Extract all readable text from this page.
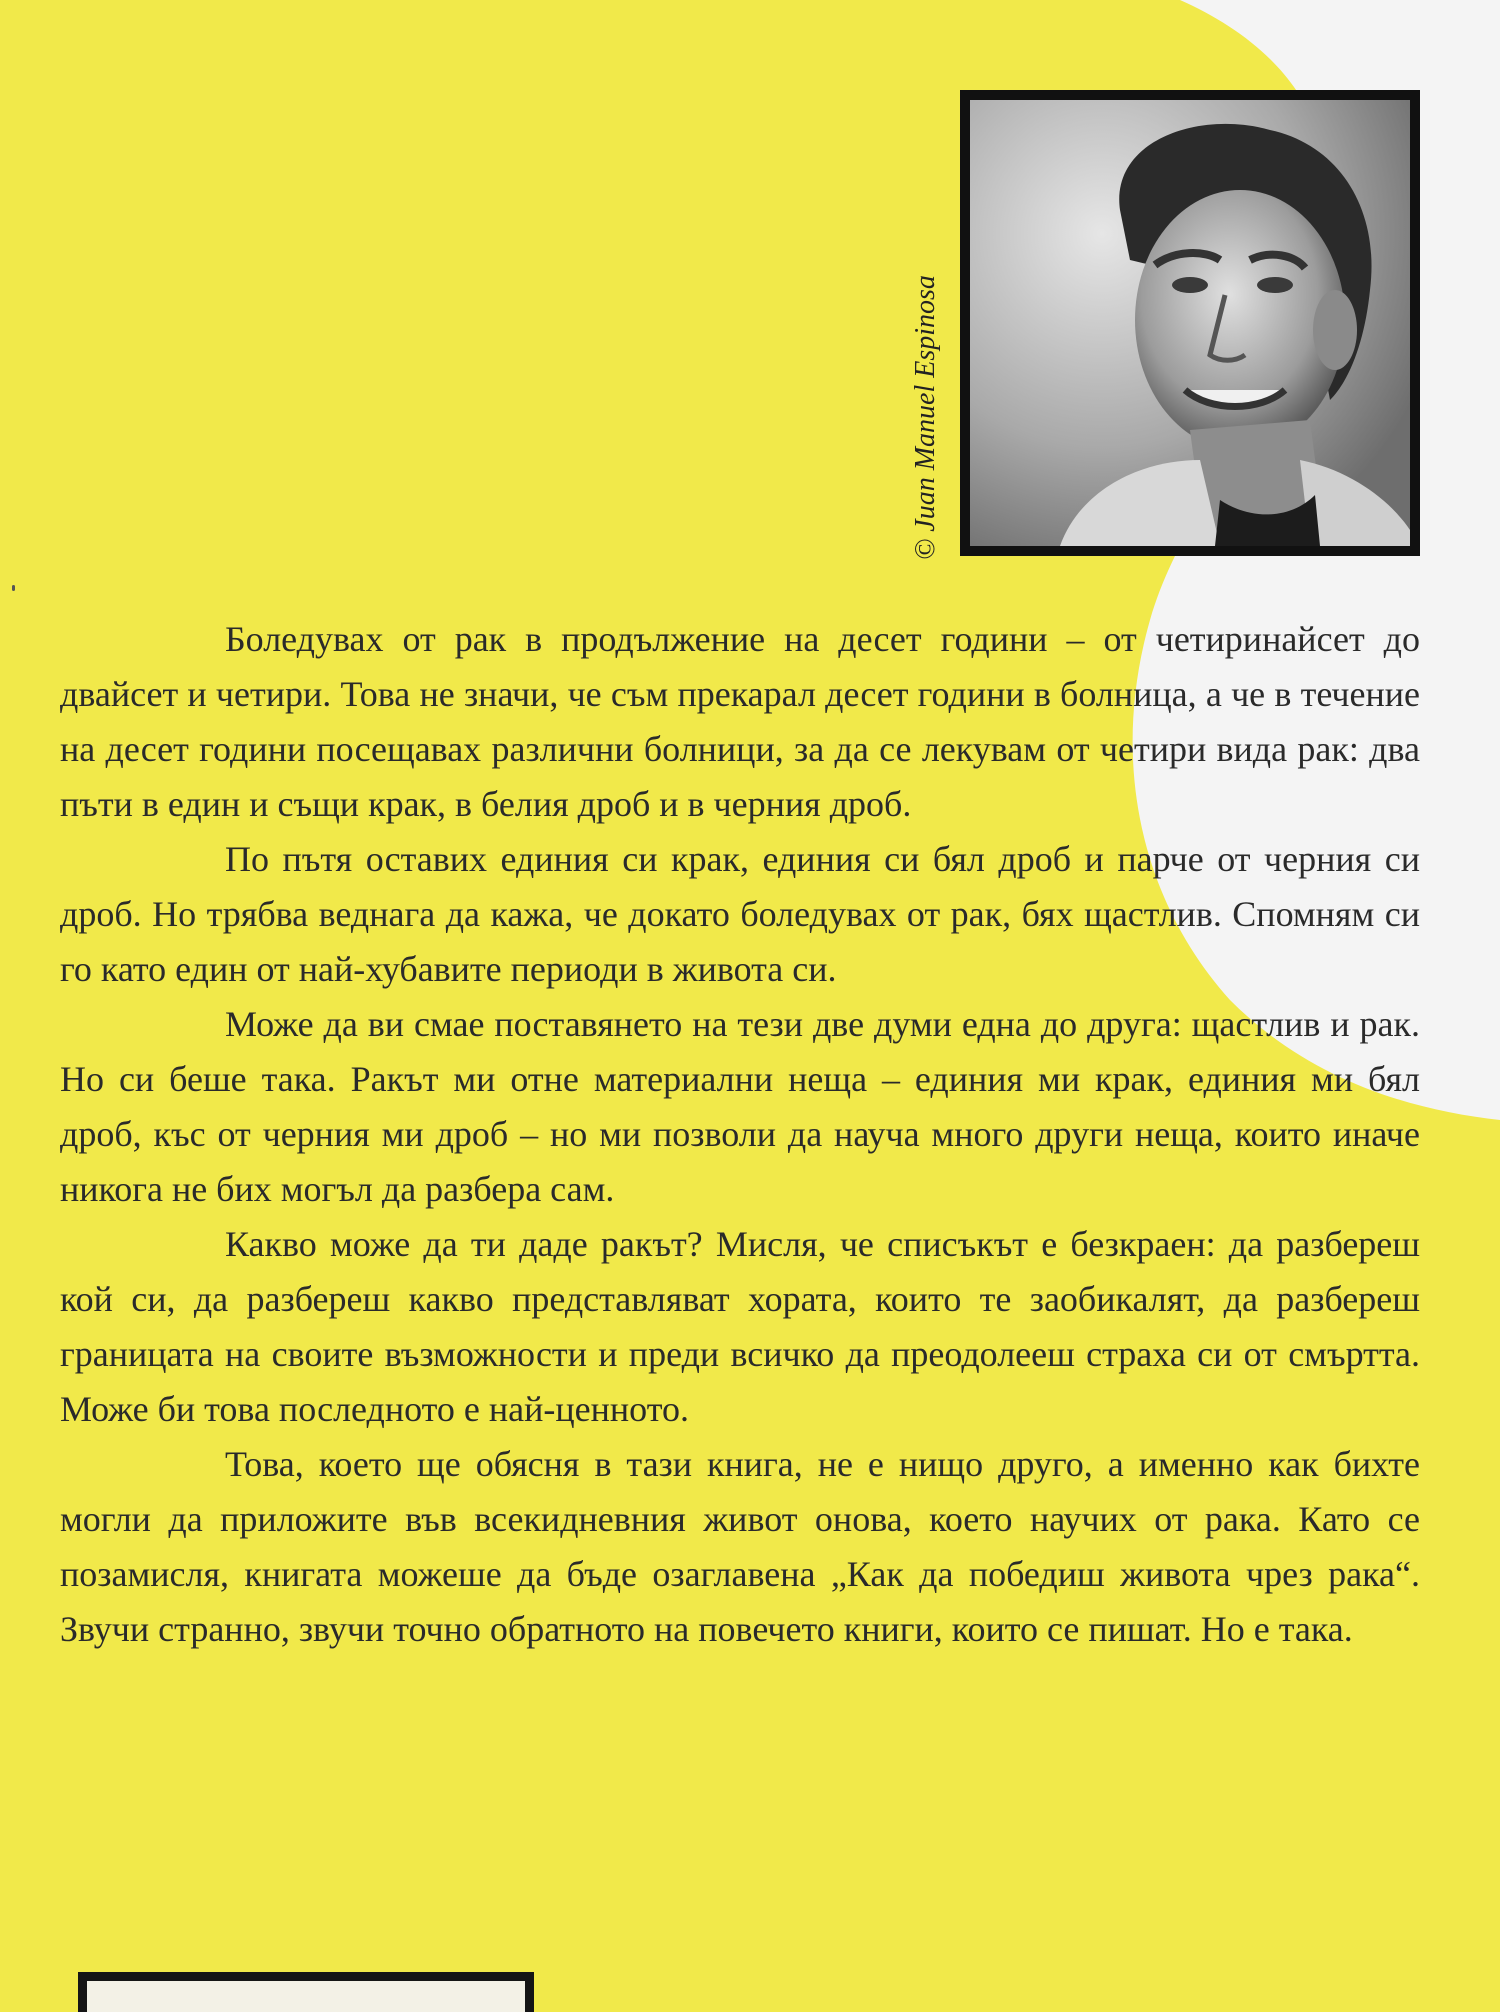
© Juan Manuel Espinosa

Боледувах от рак в продължение на десет години – от четиринайсет до двайсет и четири. Това не значи, че съм прекарал десет години в болница, а че в течение на десет години посещавах различни болници, за да се лекувам от четири вида рак: два пъти в един и същи крак, в белия дроб и в черния дроб.

По пътя оставих единия си крак, единия си бял дроб и парче от черния си дроб. Но трябва веднага да кажа, че докато боледувах от рак, бях щастлив. Спомням си го като един от най-хубавите периоди в живота си.

Може да ви смае поставянето на тези две думи една до друга: щастлив и рак. Но си беше така. Ракът ми отне материални неща – единия ми крак, единия ми бял дроб, къс от черния ми дроб – но ми позволи да науча много други неща, които иначе никога не бих могъл да разбера сам.

Какво може да ти даде ракът? Мисля, че списъкът е безкраен: да разбереш кой си, да разбереш какво представляват хората, които те заобикалят, да разбереш границата на своите възможности и преди всичко да преодолееш страха си от смъртта. Може би това последното е най-ценното.

Това, което ще обясня в тази книга, не е нищо друго, а именно как бихте могли да приложите във всекидневния живот онова, което научих от рака. Като се позамисля, книгата можеше да бъде озаглавена „Как да победиш живота чрез рака“. Звучи странно, звучи точно обратното на повечето книги, които се пишат. Но е така.
